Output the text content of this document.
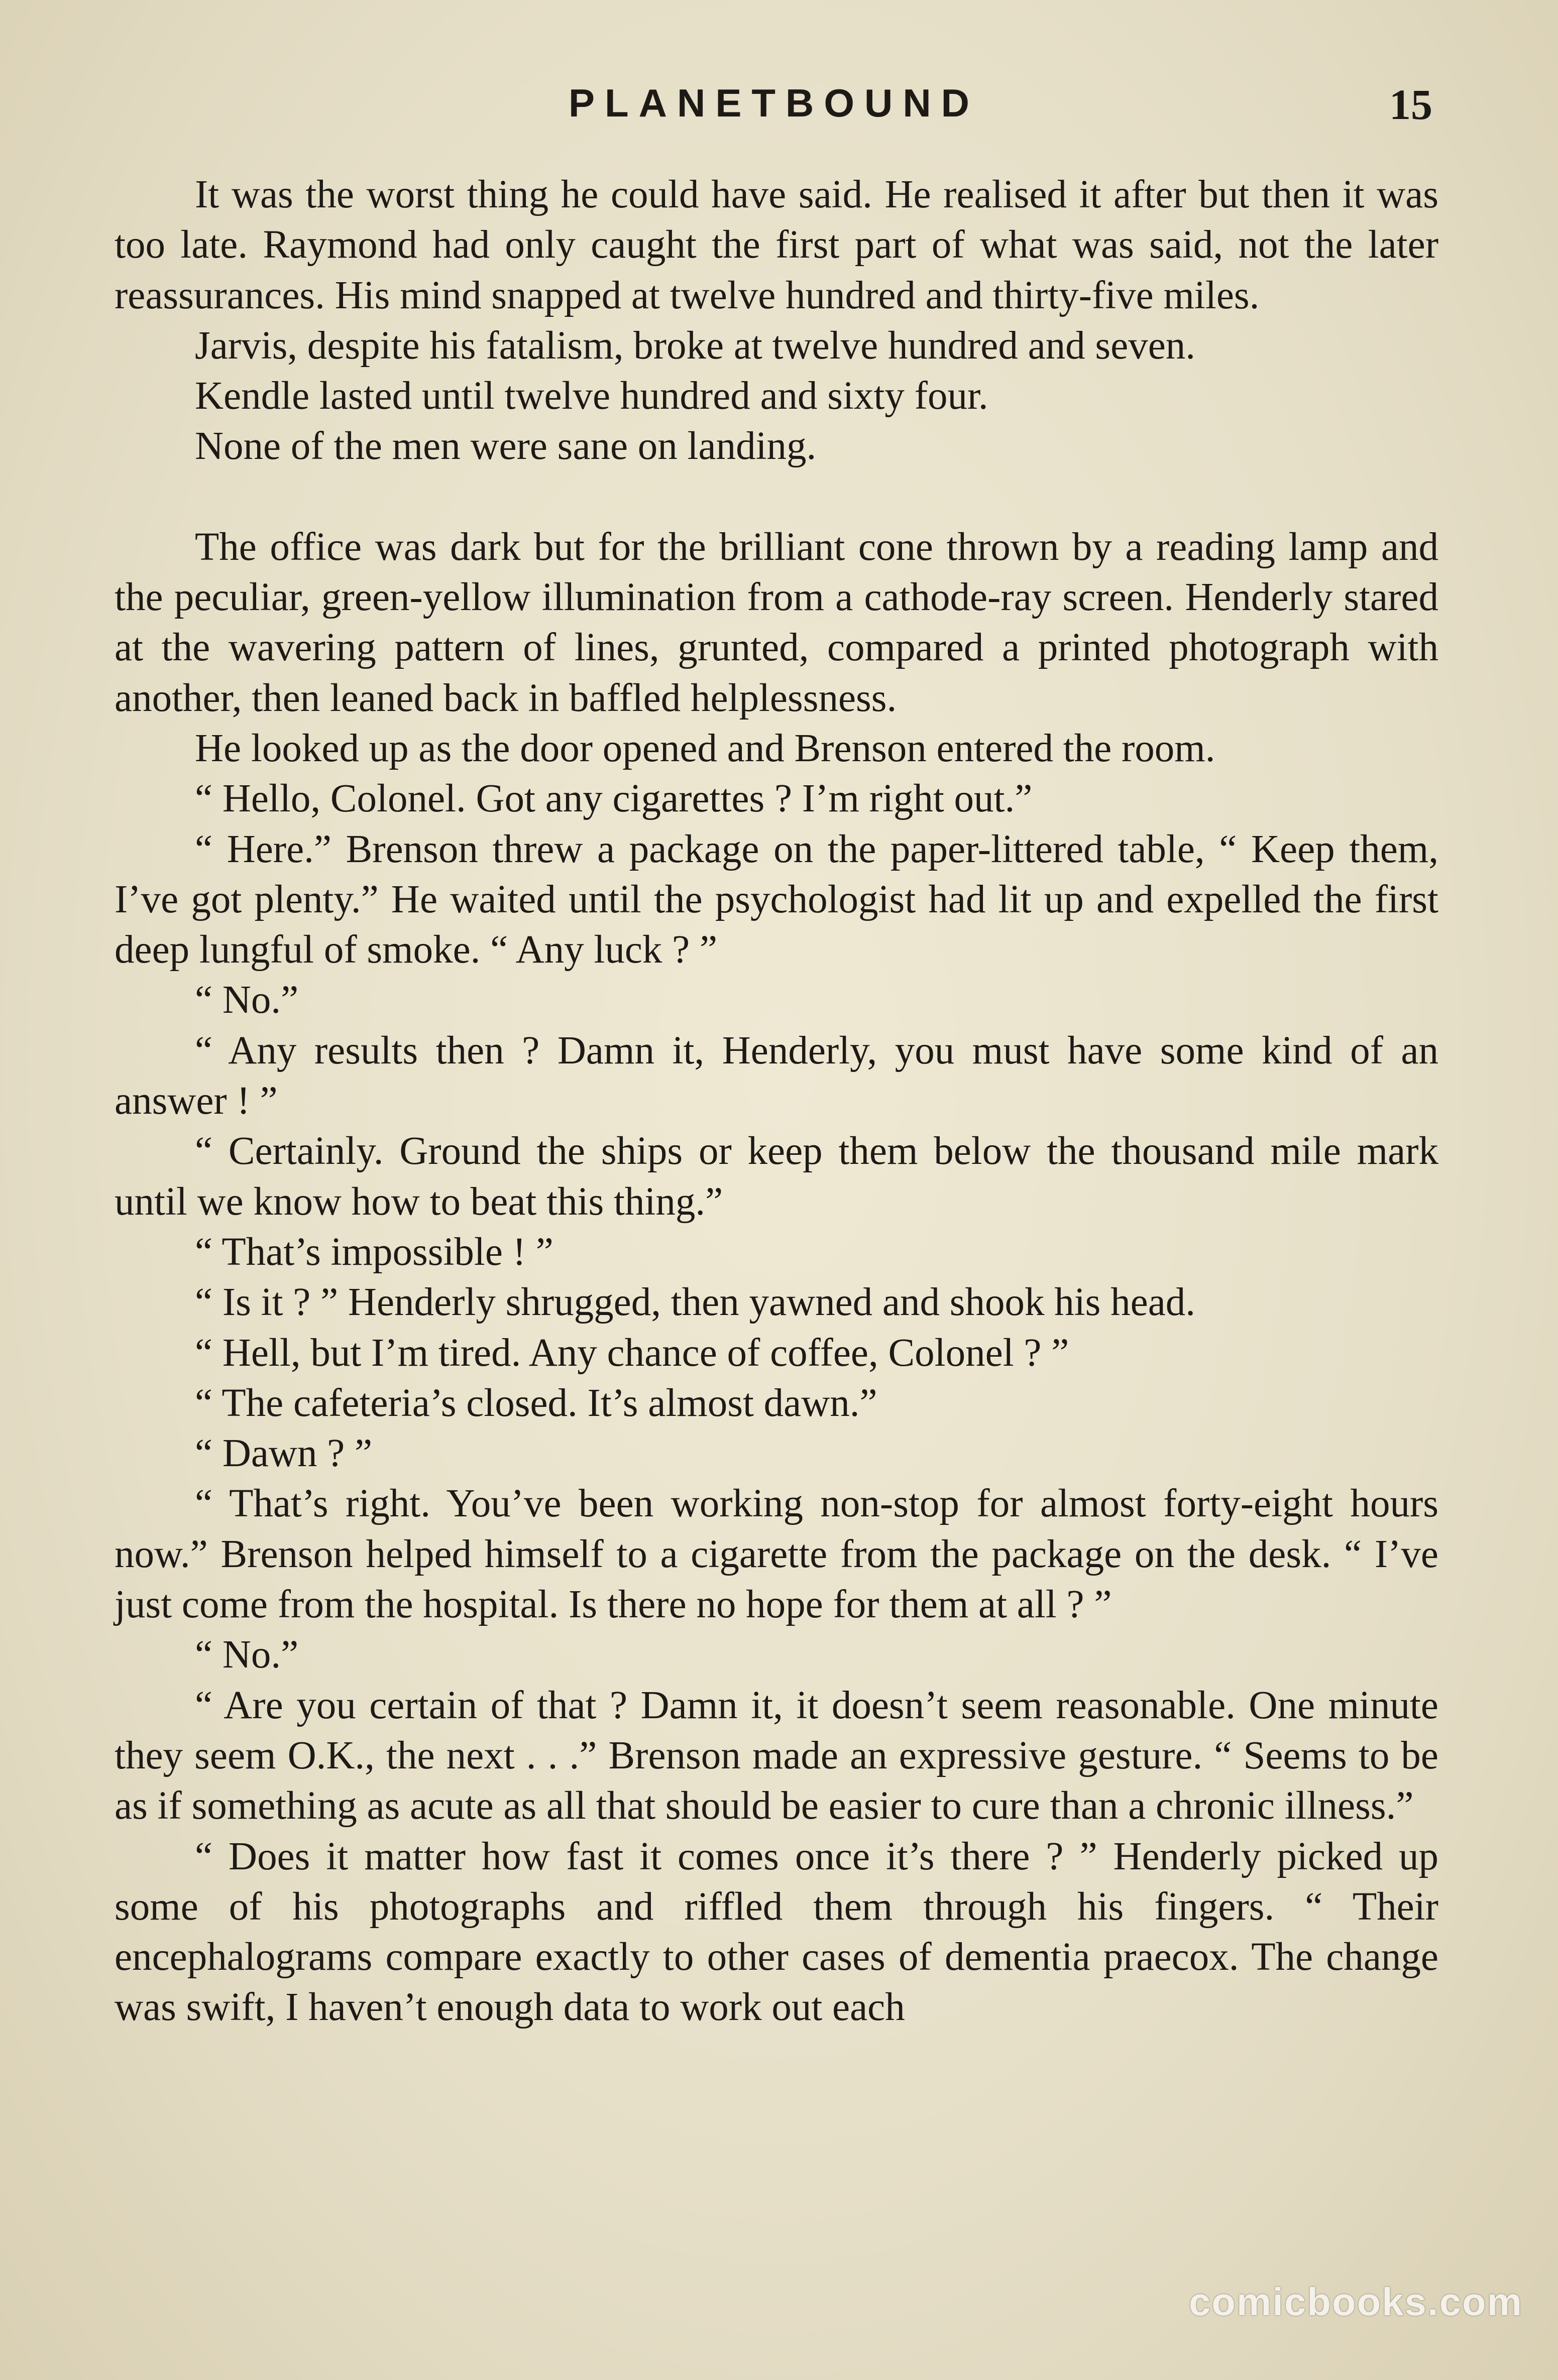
PLANETBOUND	15

It was the worst thing he could have said. He realised it after but then it was too late. Raymond had only caught the first part of what was said, not the later reassurances. His mind snapped at twelve hundred and thirty-five miles.

Jarvis, despite his fatalism, broke at twelve hundred and seven.

Kendle lasted until twelve hundred and sixty four.

None of the men were sane on landing.

The office was dark but for the brilliant cone thrown by a reading lamp and the peculiar, green-yellow illumination from a cathode-ray screen. Henderly stared at the wavering pattern of lines, grunted, compared a printed photograph with another, then leaned back in baffled helplessness.

He looked up as the door opened and Brenson entered the room.

“ Hello, Colonel. Got any cigarettes ? I’m right out.”

“ Here.” Brenson threw a package on the paper-littered table, “ Keep them, I’ve got plenty.” He waited until the psychologist had lit up and expelled the first deep lungful of smoke. “ Any luck ? ”

“ No.”

“ Any results then ? Damn it, Henderly, you must have some kind of an answer ! ”

“ Certainly. Ground the ships or keep them below the thousand mile mark until we know how to beat this thing.”

“ That’s impossible ! ”

“ Is it ? ” Henderly shrugged, then yawned and shook his head.

“ Hell, but I’m tired. Any chance of coffee, Colonel ? ”

“ The cafeteria’s closed. It’s almost dawn.”

“ Dawn ? ”

“ That’s right. You’ve been working non-stop for almost forty-eight hours now.” Brenson helped himself to a cigarette from the package on the desk. “ I’ve just come from the hospital. Is there no hope for them at all ? ”

“ No.”

“ Are you certain of that ? Damn it, it doesn’t seem reasonable. One minute they seem O.K., the next . . .” Brenson made an expressive gesture. “ Seems to be as if something as acute as all that should be easier to cure than a chronic illness.”

“ Does it matter how fast it comes once it’s there ? ” Henderly picked up some of his photographs and riffled them through his fingers. “ Their encephalograms compare exactly to other cases of dementia praecox. The change was swift, I haven’t enough data to work out each

comicbooks.com
